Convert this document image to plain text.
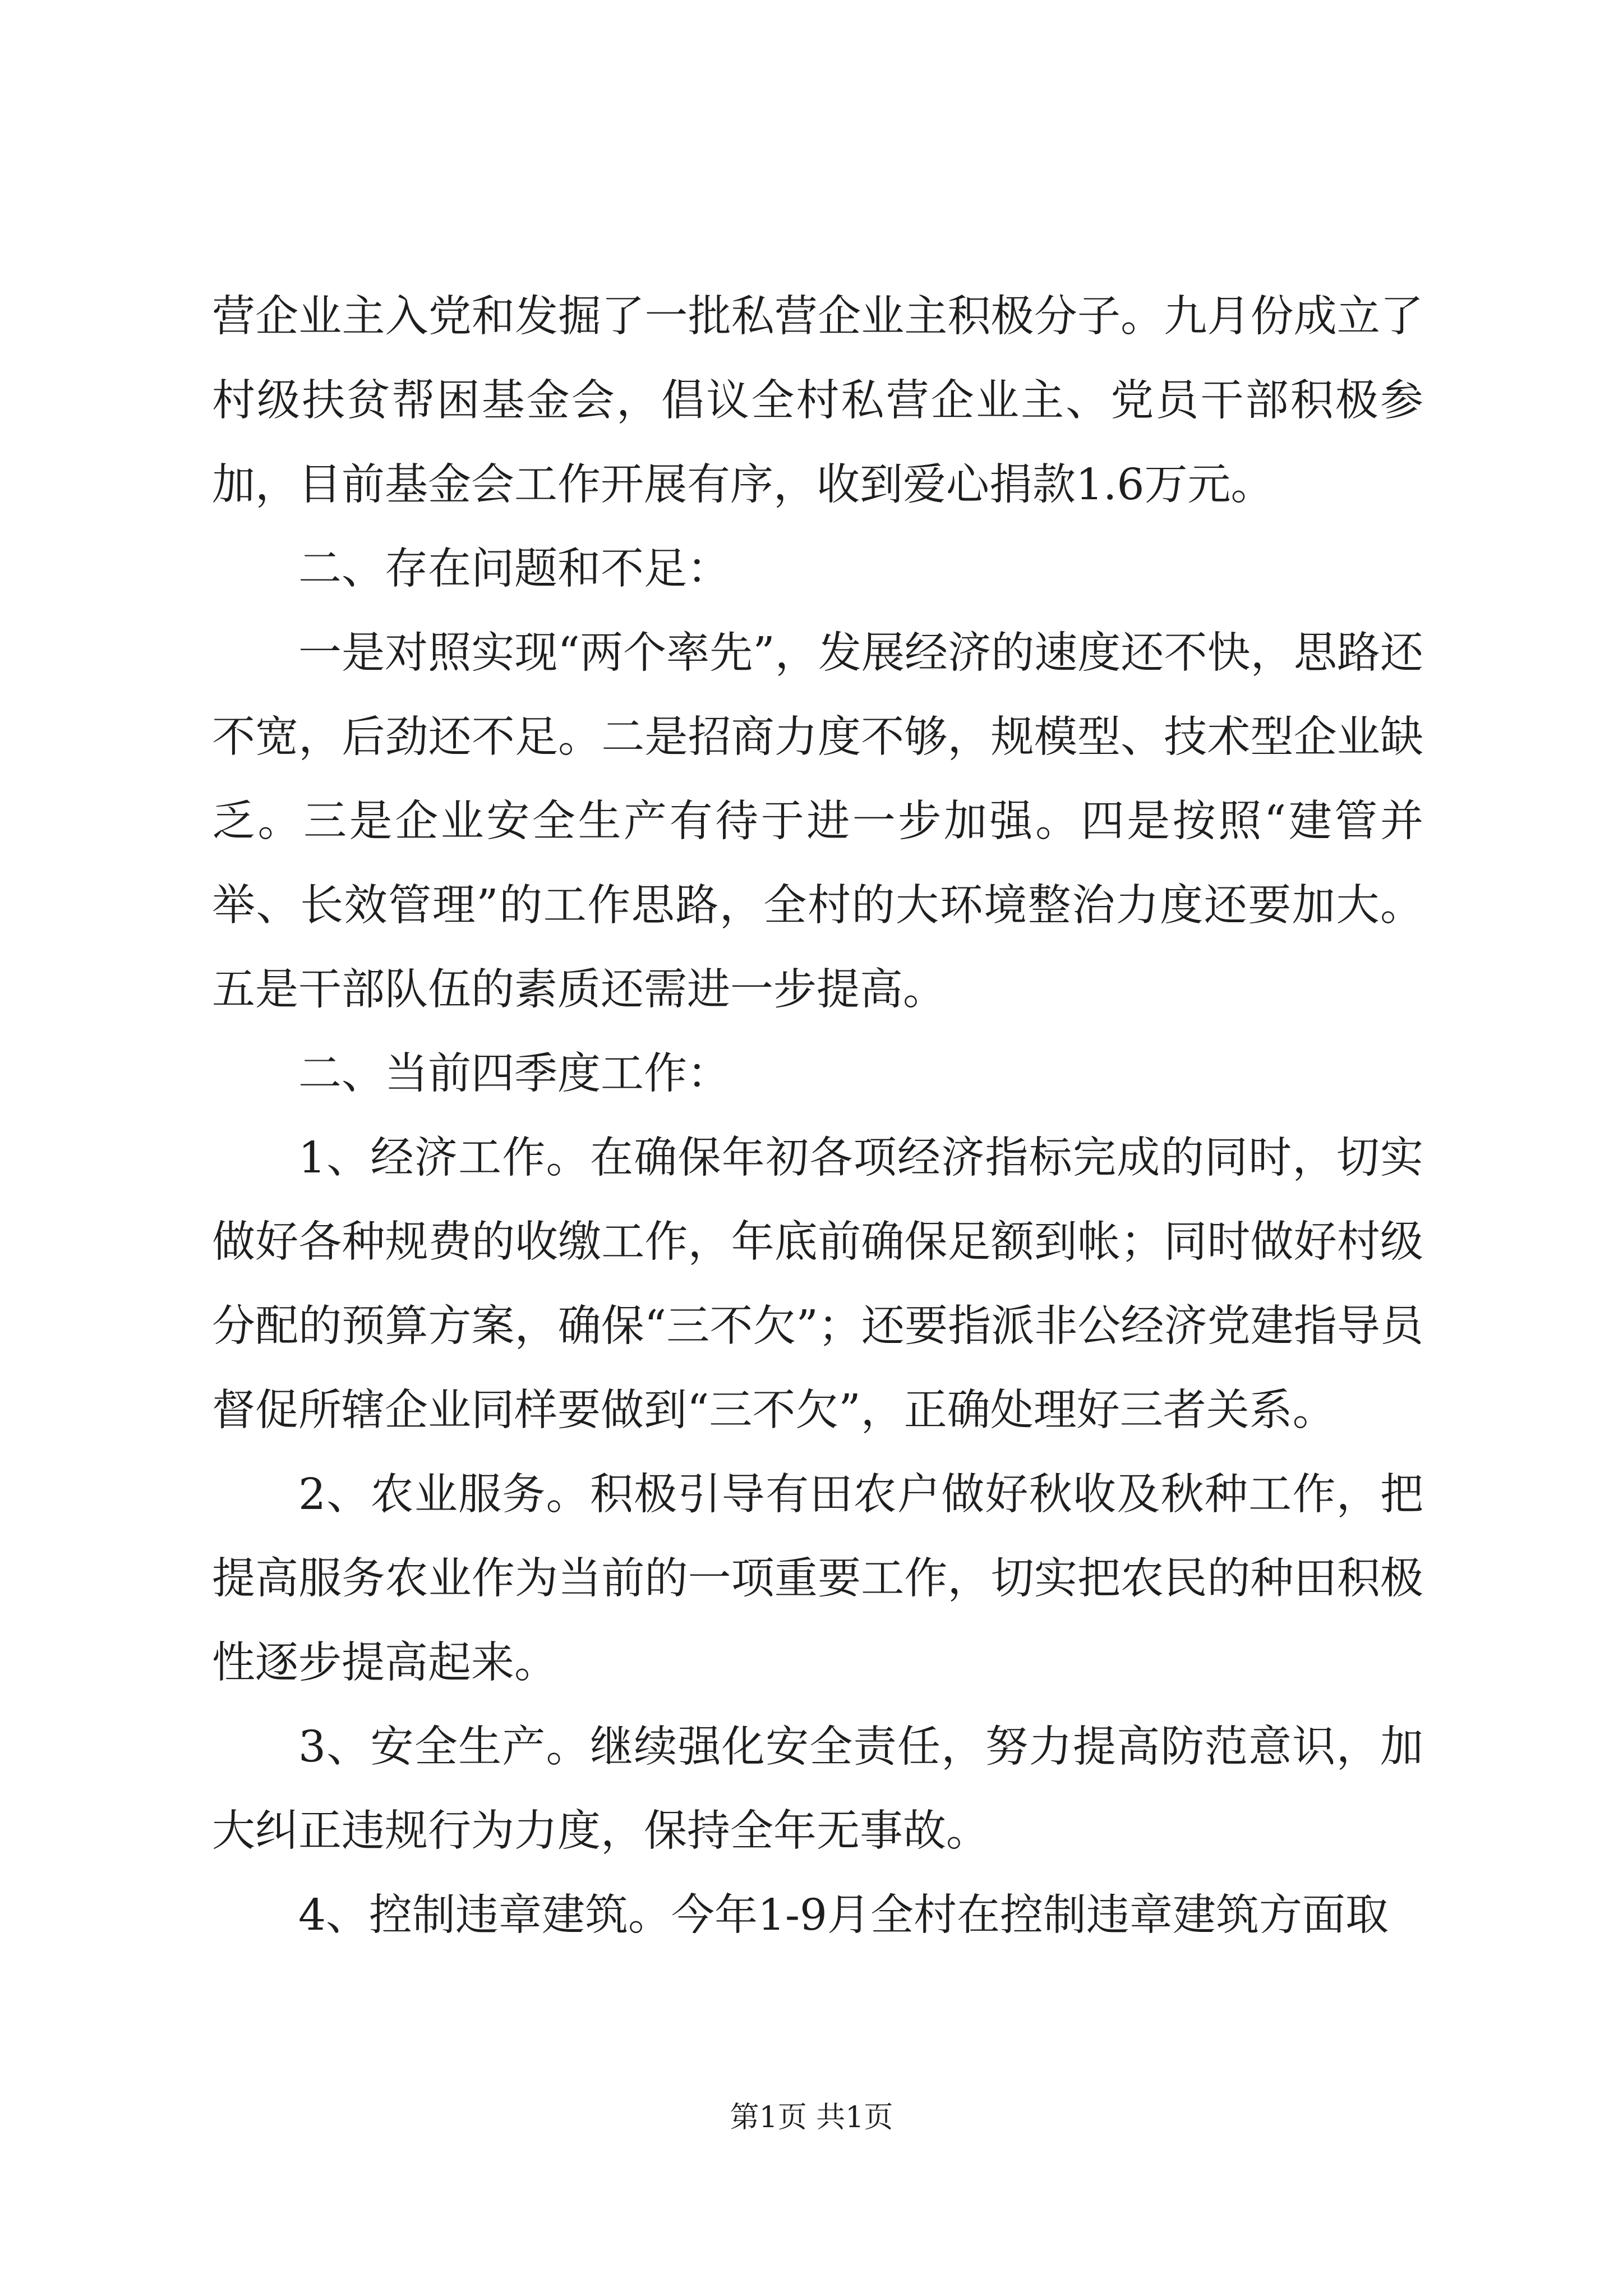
营企业主入党和发掘了一批私营企业主积极分子。九月份成立了村级扶贫帮困基金会，倡议全村私营企业主、党员干部积极参加，目前基金会工作开展有序，收到爱心捐款1.6万元。

二、存在问题和不足：

一是对照实现“两个率先”，发展经济的速度还不快，思路还不宽，后劲还不足。二是招商力度不够，规模型、技术型企业缺乏。三是企业安全生产有待于进一步加强。四是按照“建管并举、长效管理”的工作思路，全村的大环境整治力度还要加大。五是干部队伍的素质还需进一步提高。

二、当前四季度工作：

1、经济工作。在确保年初各项经济指标完成的同时，切实做好各种规费的收缴工作，年底前确保足额到帐；同时做好村级分配的预算方案，确保“三不欠”；还要指派非公经济党建指导员督促所辖企业同样要做到“三不欠”，正确处理好三者关系。

2、农业服务。积极引导有田农户做好秋收及秋种工作，把提高服务农业作为当前的一项重要工作，切实把农民的种田积极性逐步提高起来。

3、安全生产。继续强化安全责任，努力提高防范意识，加大纠正违规行为力度，保持全年无事故。

4、控制违章建筑。今年1-9月全村在控制违章建筑方面取

第1页 共1页
